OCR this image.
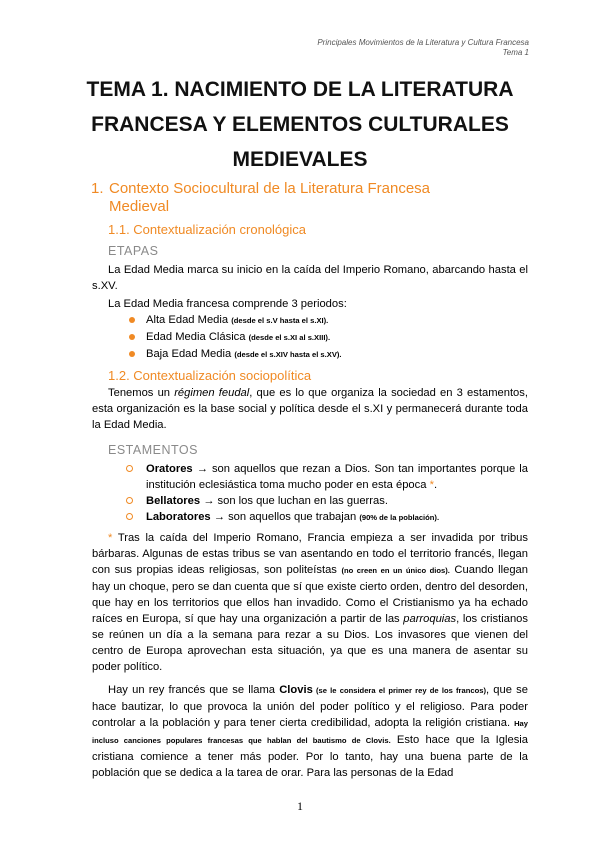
Principales Movimientos de la Literatura y Cultura Francesa
Tema 1
TEMA 1. NACIMIENTO DE LA LITERATURA
FRANCESA Y ELEMENTOS CULTURALES
MEDIEVALES
1. Contexto Sociocultural de la Literatura Francesa
Medieval
1.1. Contextualización cronológica
ETAPAS

La Edad Media marca su inicio en la caída del Imperio Romano, abarcando hasta el s.XV.

La Edad Media francesa comprende 3 periodos:

Alta Edad Media (desde el s.V hasta el s.XI).
Edad Media Clásica (desde el s.XI al s.XIII).
Baja Edad Media (desde el s.XIV hasta el s.XV).
1.2. Contextualización sociopolítica

Tenemos un régimen feudal, que es lo que organiza la sociedad en 3 estamentos, esta organización es la base social y política desde el s.XI y permanecerá durante toda la Edad Media.

ESTAMENTOS
Oratores → son aquellos que rezan a Dios. Son tan importantes porque la institución eclesiástica toma mucho poder en esta época *.
Bellatores → son los que luchan en las guerras.
Laboratores → son aquellos que trabajan (90% de la población).

* Tras la caída del Imperio Romano, Francia empieza a ser invadida por tribus bárbaras. Algunas de estas tribus se van asentando en todo el territorio francés, llegan con sus propias ideas religiosas, son politeístas (no creen en un único dios). Cuando llegan hay un choque, pero se dan cuenta que sí que existe cierto orden, dentro del desorden, que hay en los territorios que ellos han invadido. Como el Cristianismo ya ha echado raíces en Europa, sí que hay una organización a partir de las parroquias, los cristianos se reúnen un día a la semana para rezar a su Dios. Los invasores que vienen del centro de Europa aprovechan esta situación, ya que es una manera de asentar su poder político.

Hay un rey francés que se llama Clovis (se le considera el primer rey de los francos), que se hace bautizar, lo que provoca la unión del poder político y el religioso. Para poder controlar a la población y para tener cierta credibilidad, adopta la religión cristiana. Hay incluso canciones populares francesas que hablan del bautismo de Clovis. Esto hace que la Iglesia cristiana comience a tener más poder. Por lo tanto, hay una buena parte de la población que se dedica a la tarea de orar. Para las personas de la Edad

1
